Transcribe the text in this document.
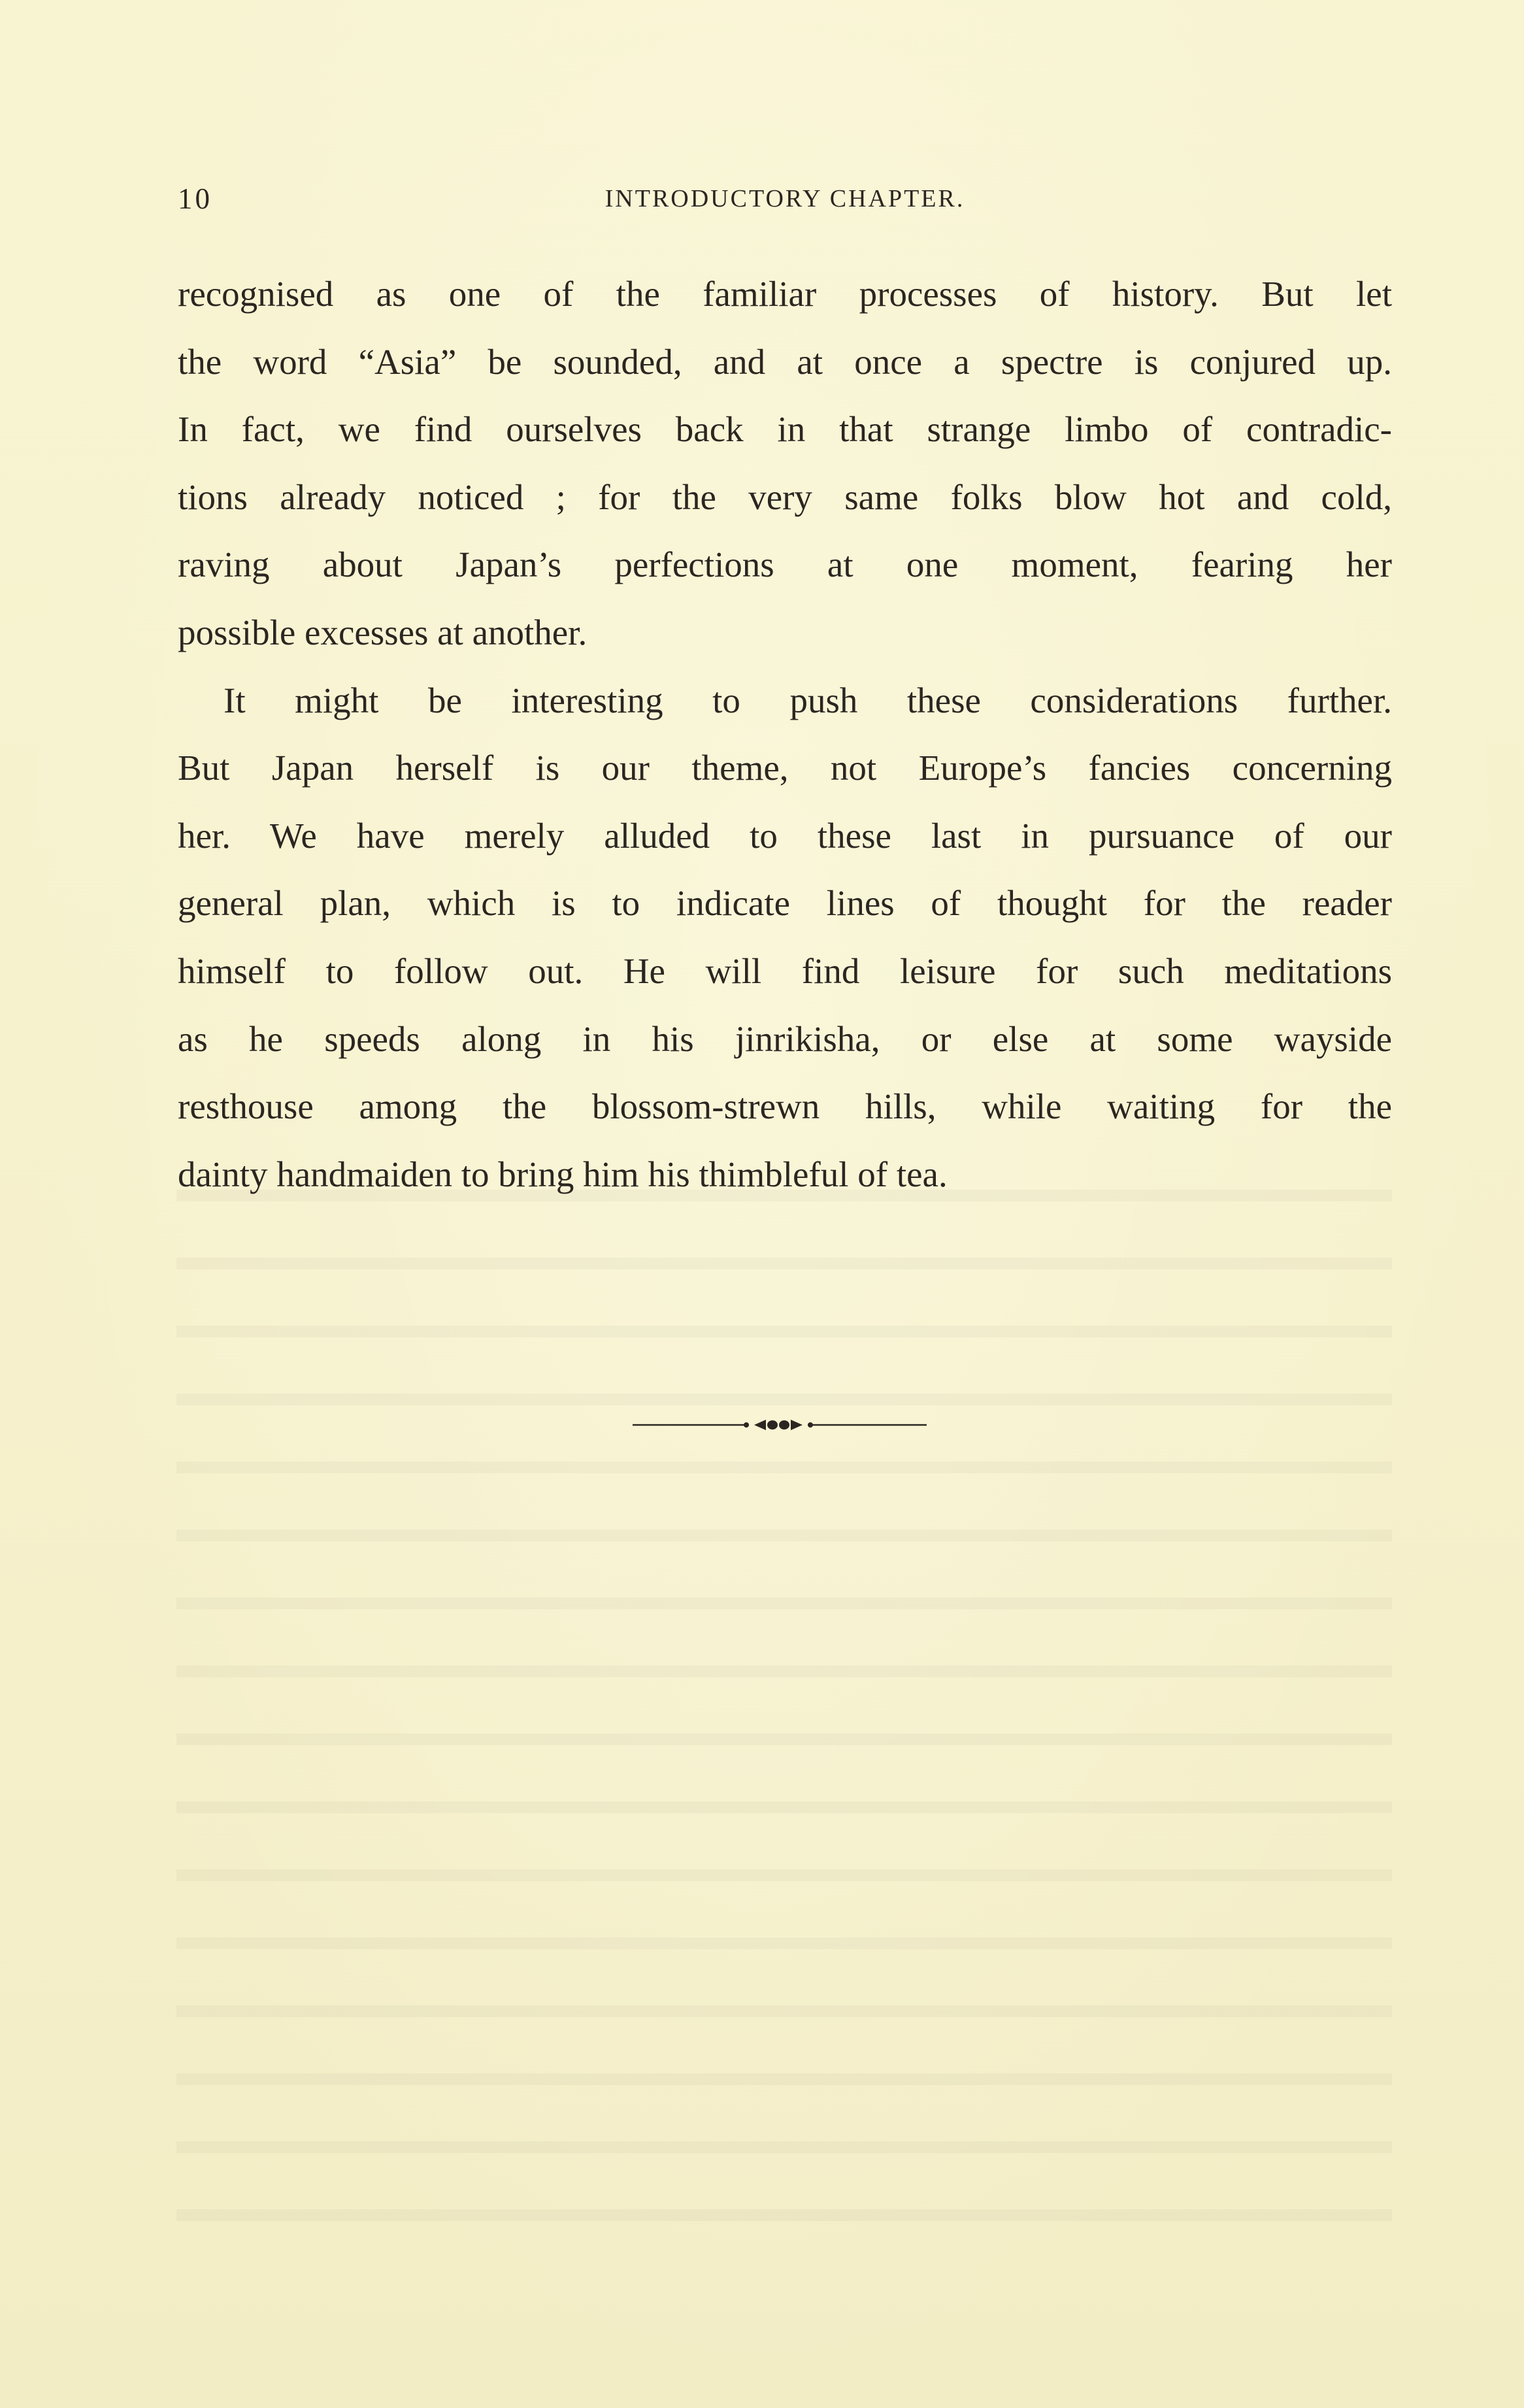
10	INTRODUCTORY CHAPTER.
recognised as one of the familiar processes of history. But let
the word “Asia” be sounded, and at once a spectre is conjured up.
In fact, we find ourselves back in that strange limbo of contradic-
tions already noticed ; for the very same folks blow hot and cold,
raving about Japan’s perfections at one moment, fearing her
possible excesses at another.
It might be interesting to push these considerations further.
But Japan herself is our theme, not Europe’s fancies concerning
her. We have merely alluded to these last in pursuance of our
general plan, which is to indicate lines of thought for the reader
himself to follow out. He will find leisure for such meditations
as he speeds along in his jinrikisha, or else at some wayside
resthouse among the blossom-strewn hills, while waiting for the
dainty handmaiden to bring him his thimbleful of tea.
